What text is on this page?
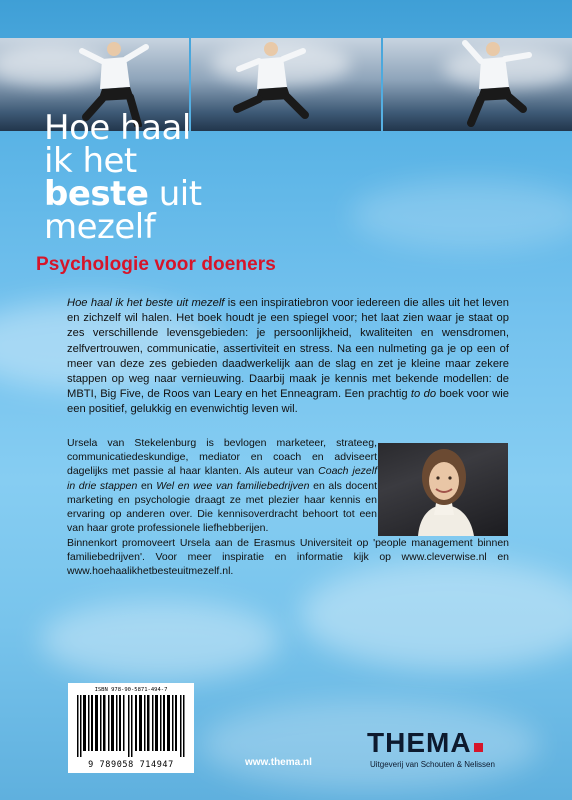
Hoe haal
ik het
beste uit
mezelf
Psychologie voor doeners
Hoe haal ik het beste uit mezelf is een inspiratiebron voor iedereen die alles uit het leven en zichzelf wil halen. Het boek houdt je een spiegel voor; het laat zien waar je staat op zes verschillende levensgebieden: je persoonlijkheid, kwaliteiten en wensdromen, zelfvertrouwen, communicatie, assertiviteit en stress. Na een nulmeting ga je op een of meer van deze zes gebieden daadwerkelijk aan de slag en zet je kleine maar zekere stappen op weg naar vernieuwing. Daarbij maak je kennis met bekende modellen: de MBTI, Big Five, de Roos van Leary en het Enneagram. Een prachtig to do boek voor wie een positief, gelukkig en evenwichtig leven wil.
Ursela van Stekelenburg is bevlogen marketeer, strateeg, communicatiedeskundige, mediator en coach en adviseert dagelijks met passie al haar klanten. Als auteur van Coach jezelf in drie stappen en Wel en wee van familiebedrijven en als docent marketing en psychologie draagt ze met plezier haar kennis en ervaring op anderen over. Die kennisoverdracht behoort tot een van haar grote professionele liefhebberijen.
Binnenkort promoveert Ursela aan de Erasmus Universiteit op 'people management binnen familiebedrijven'. Voor meer inspiratie en informatie kijk op www.cleverwise.nl en www.hoehaalikhetbesteuitmezelf.nl.
ISBN 978-90-5871-494-7
9 789058 714947	www.thema.nl
THEMA
Uitgeverij van Schouten & Nelissen
